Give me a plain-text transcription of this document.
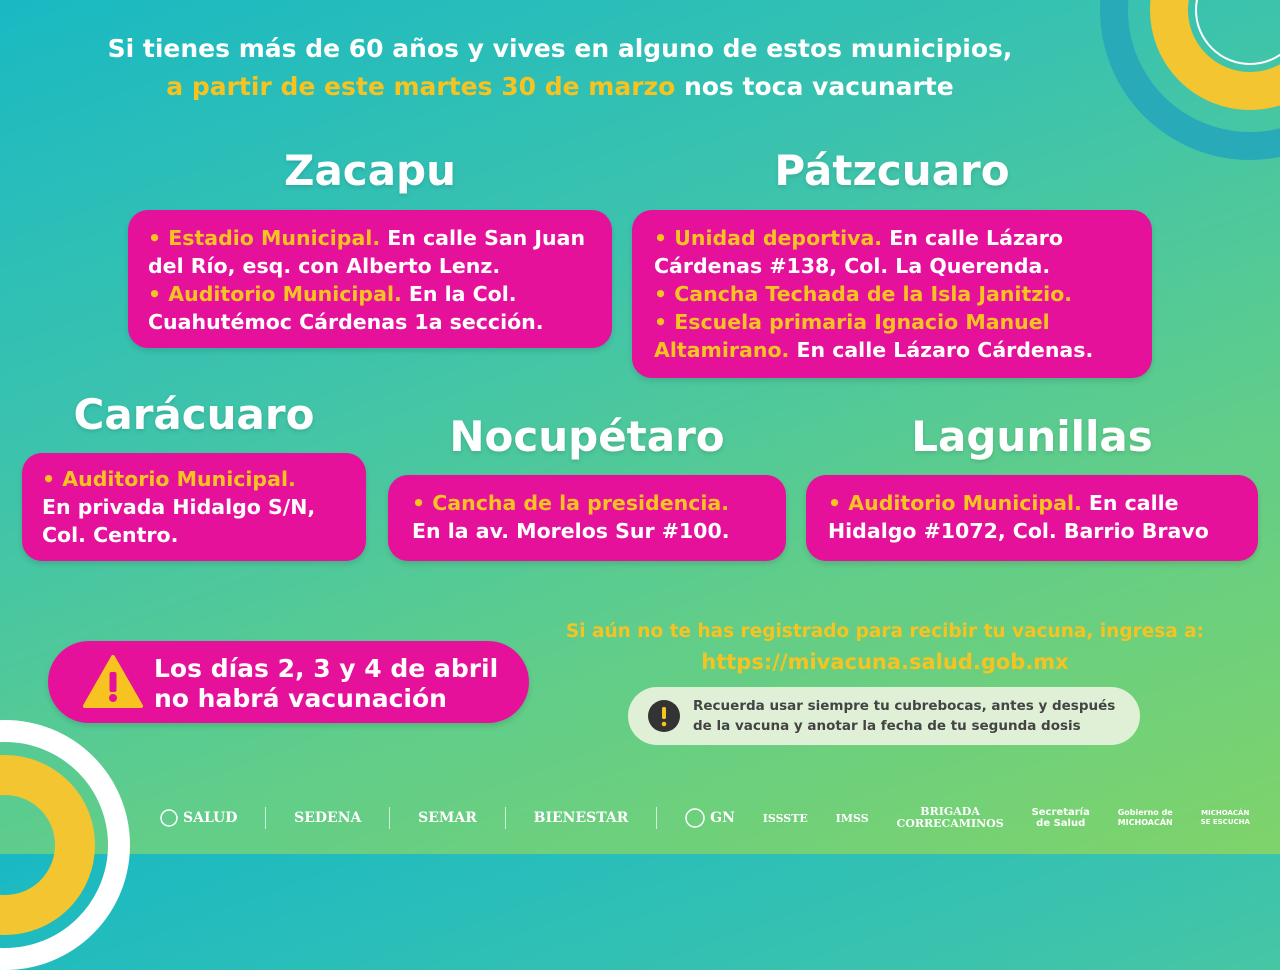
Si tienes más de 60 años y vives en alguno de estos municipios,
a partir de este martes 30 de marzo nos toca vacunarte
Zacapu

• Estadio Municipal. En calle San Juan del Río, esq. con Alberto Lenz.

• Auditorio Municipal. En la Col. Cuahutémoc Cárdenas 1a sección.

Pátzcuaro

• Unidad deportiva. En calle Lázaro Cárdenas #138, Col. La Querenda.

• Cancha Techada de la Isla Janitzio.

• Escuela primaria Ignacio Manuel Altamirano. En calle Lázaro Cárdenas.

Carácuaro

• Auditorio Municipal.
En privada Hidalgo S/N, Col. Centro.

Nocupétaro

• Cancha de la presidencia.
En la av. Morelos Sur #100.

Lagunillas

• Auditorio Municipal. En calle Hidalgo #1072, Col. Barrio Bravo

Los días 2, 3 y 4 de abril
no habrá vacunación
Si aún no te has registrado para recibir tu vacuna, ingresa a:
https://mivacuna.salud.gob.mx
Recuerda usar siempre tu cubrebocas, antes y después
de la vacuna y anotar la fecha de tu segunda dosis
SALUD	SEDENA	SEMAR	BIENESTAR	GN	ISSSTE	IMSS	BRIGADA
CORRECAMINOS
Secretaría
de Salud
Gobierno de
MICHOACÁN
MICHOACÁN
SE ESCUCHA
